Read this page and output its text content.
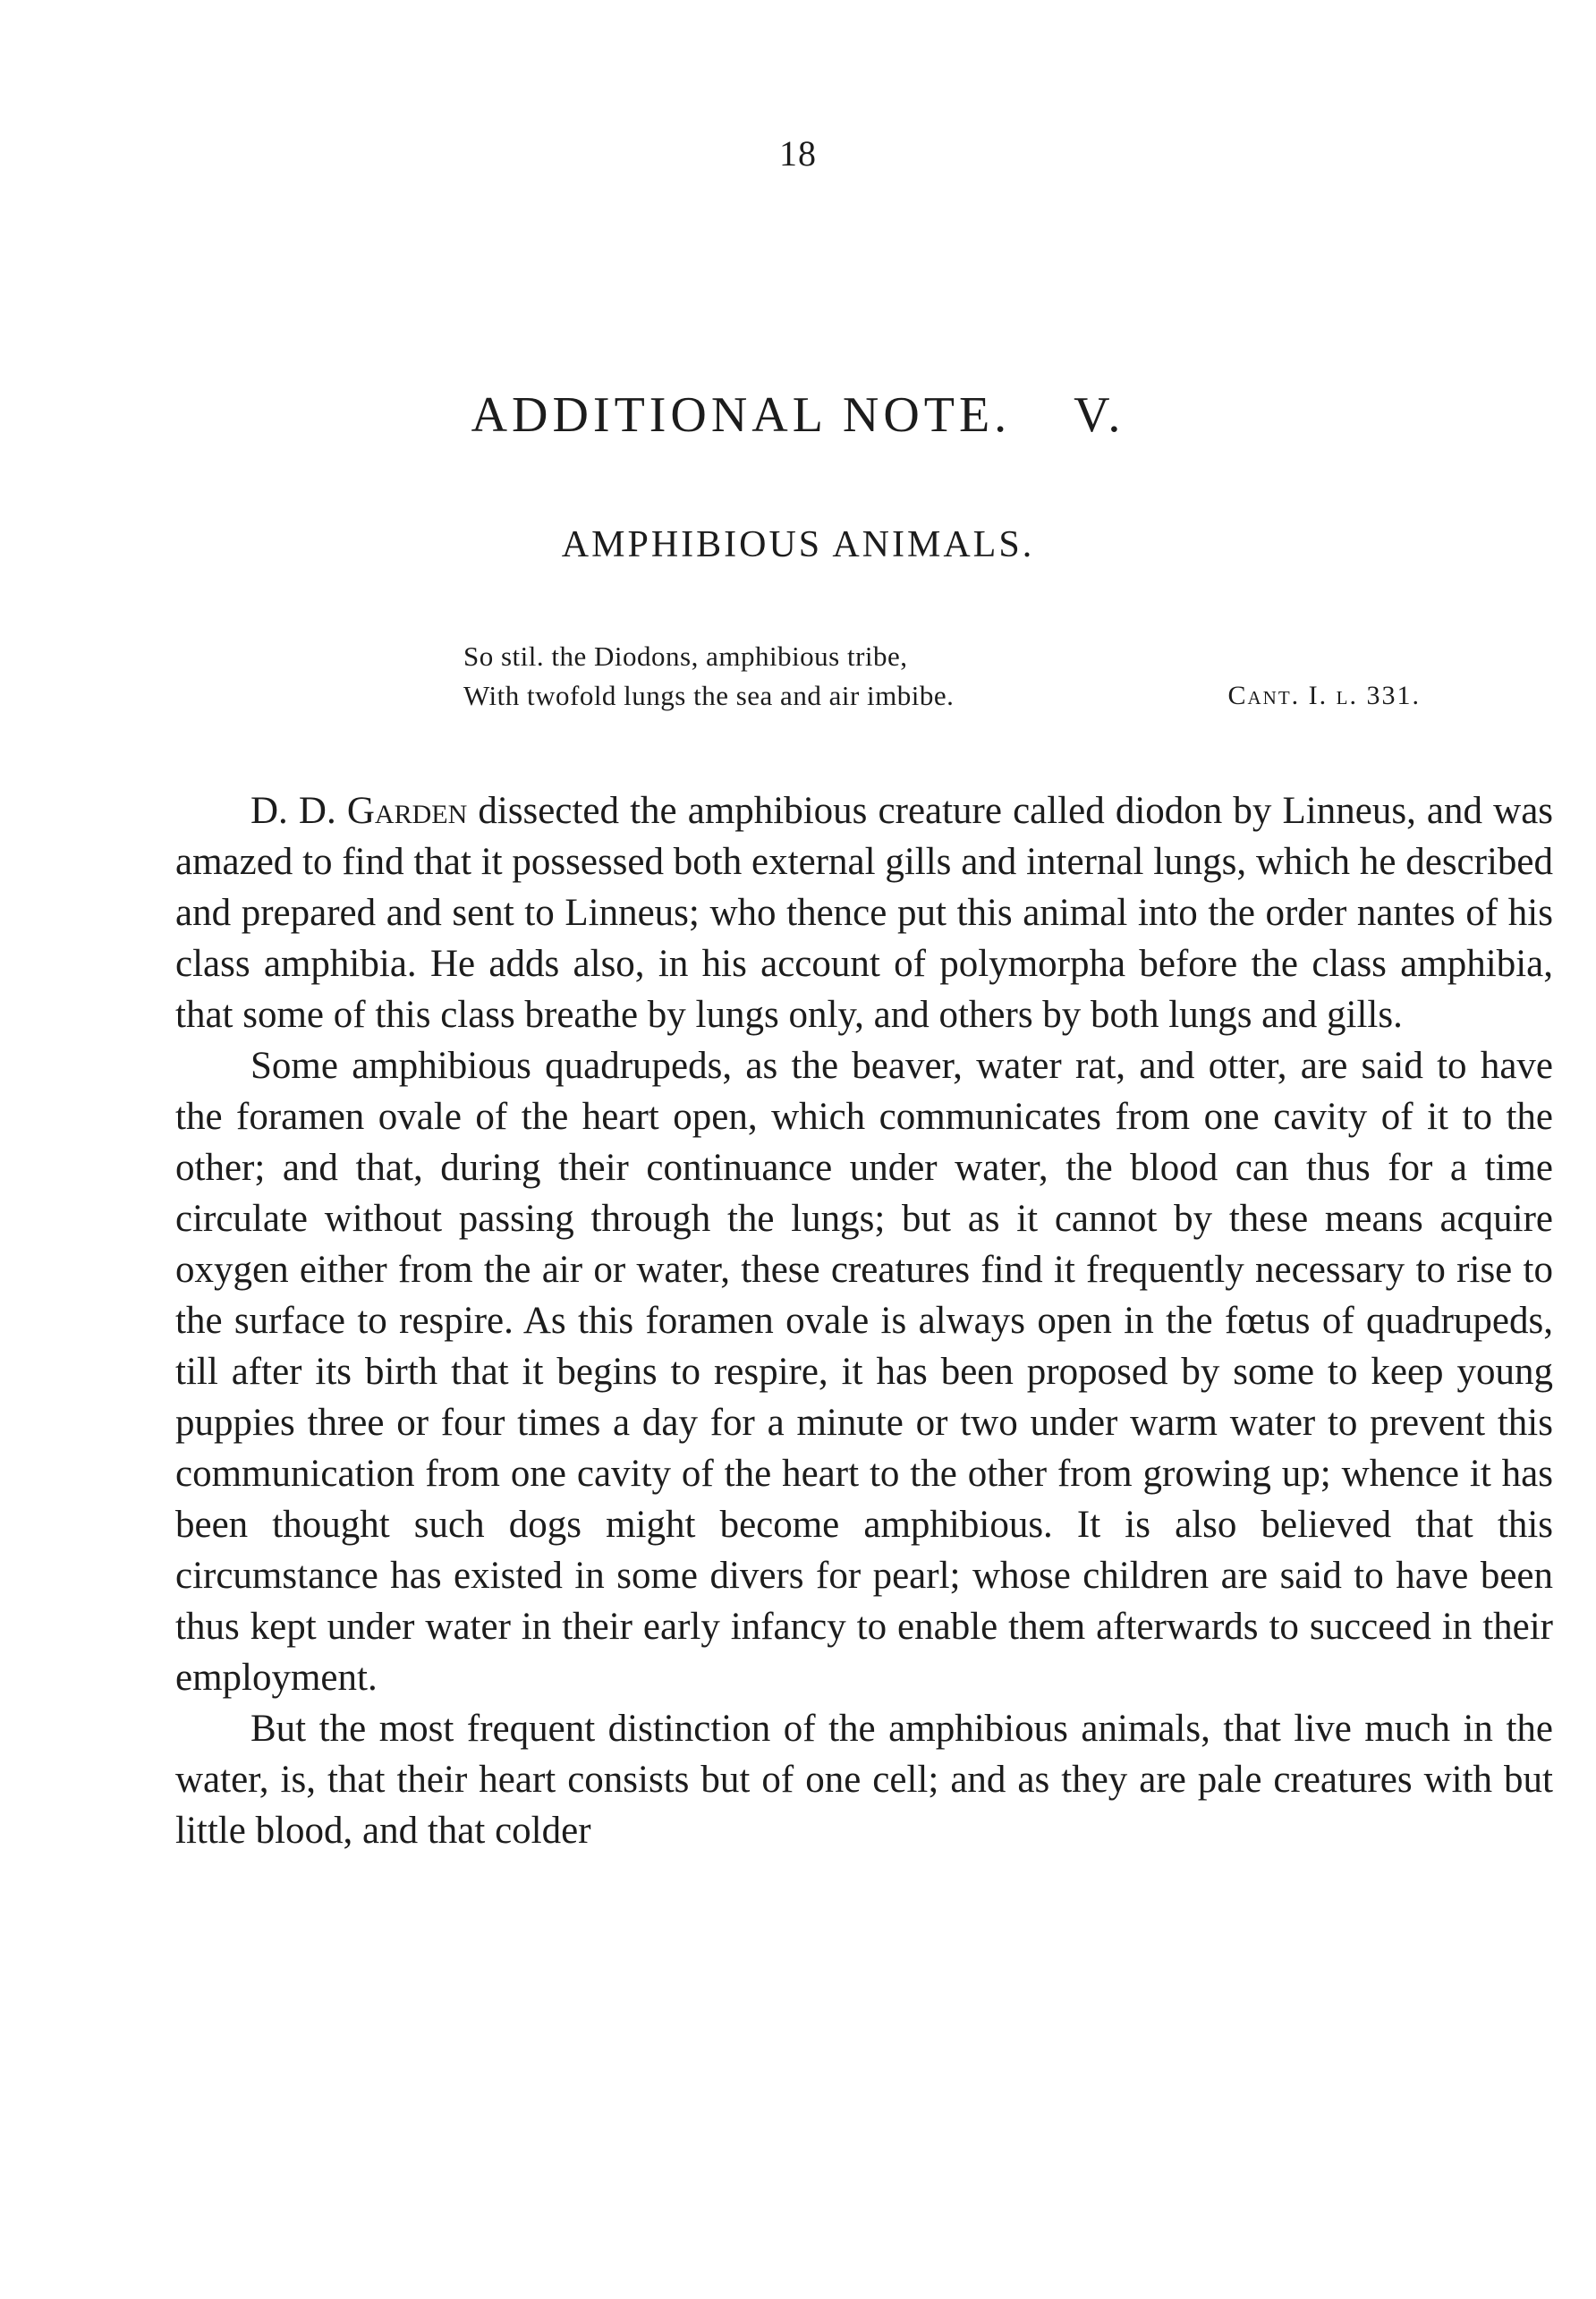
18
ADDITIONAL NOTE. V.
AMPHIBIOUS ANIMALS.
So stil. the Diodons, amphibious tribe,
With twofold lungs the sea and air imbibe.	Cant. I. l. 331.

D. D. Garden dissected the amphibious creature called diodon by Linneus, and was amazed to find that it possessed both external gills and internal lungs, which he described and prepared and sent to Linneus; who thence put this animal into the order nantes of his class amphibia. He adds also, in his account of polymorpha before the class amphibia, that some of this class breathe by lungs only, and others by both lungs and gills.

Some amphibious quadrupeds, as the beaver, water rat, and otter, are said to have the foramen ovale of the heart open, which communicates from one cavity of it to the other; and that, during their continuance under water, the blood can thus for a time circulate without passing through the lungs; but as it cannot by these means acquire oxygen either from the air or water, these creatures find it frequently necessary to rise to the surface to respire. As this foramen ovale is always open in the fœtus of quadrupeds, till after its birth that it begins to respire, it has been proposed by some to keep young puppies three or four times a day for a minute or two under warm water to prevent this communication from one cavity of the heart to the other from growing up; whence it has been thought such dogs might become amphibious. It is also believed that this circumstance has existed in some divers for pearl; whose children are said to have been thus kept under water in their early infancy to enable them afterwards to succeed in their employment.

But the most frequent distinction of the amphibious animals, that live much in the water, is, that their heart consists but of one cell; and as they are pale creatures with but little blood, and that colder
